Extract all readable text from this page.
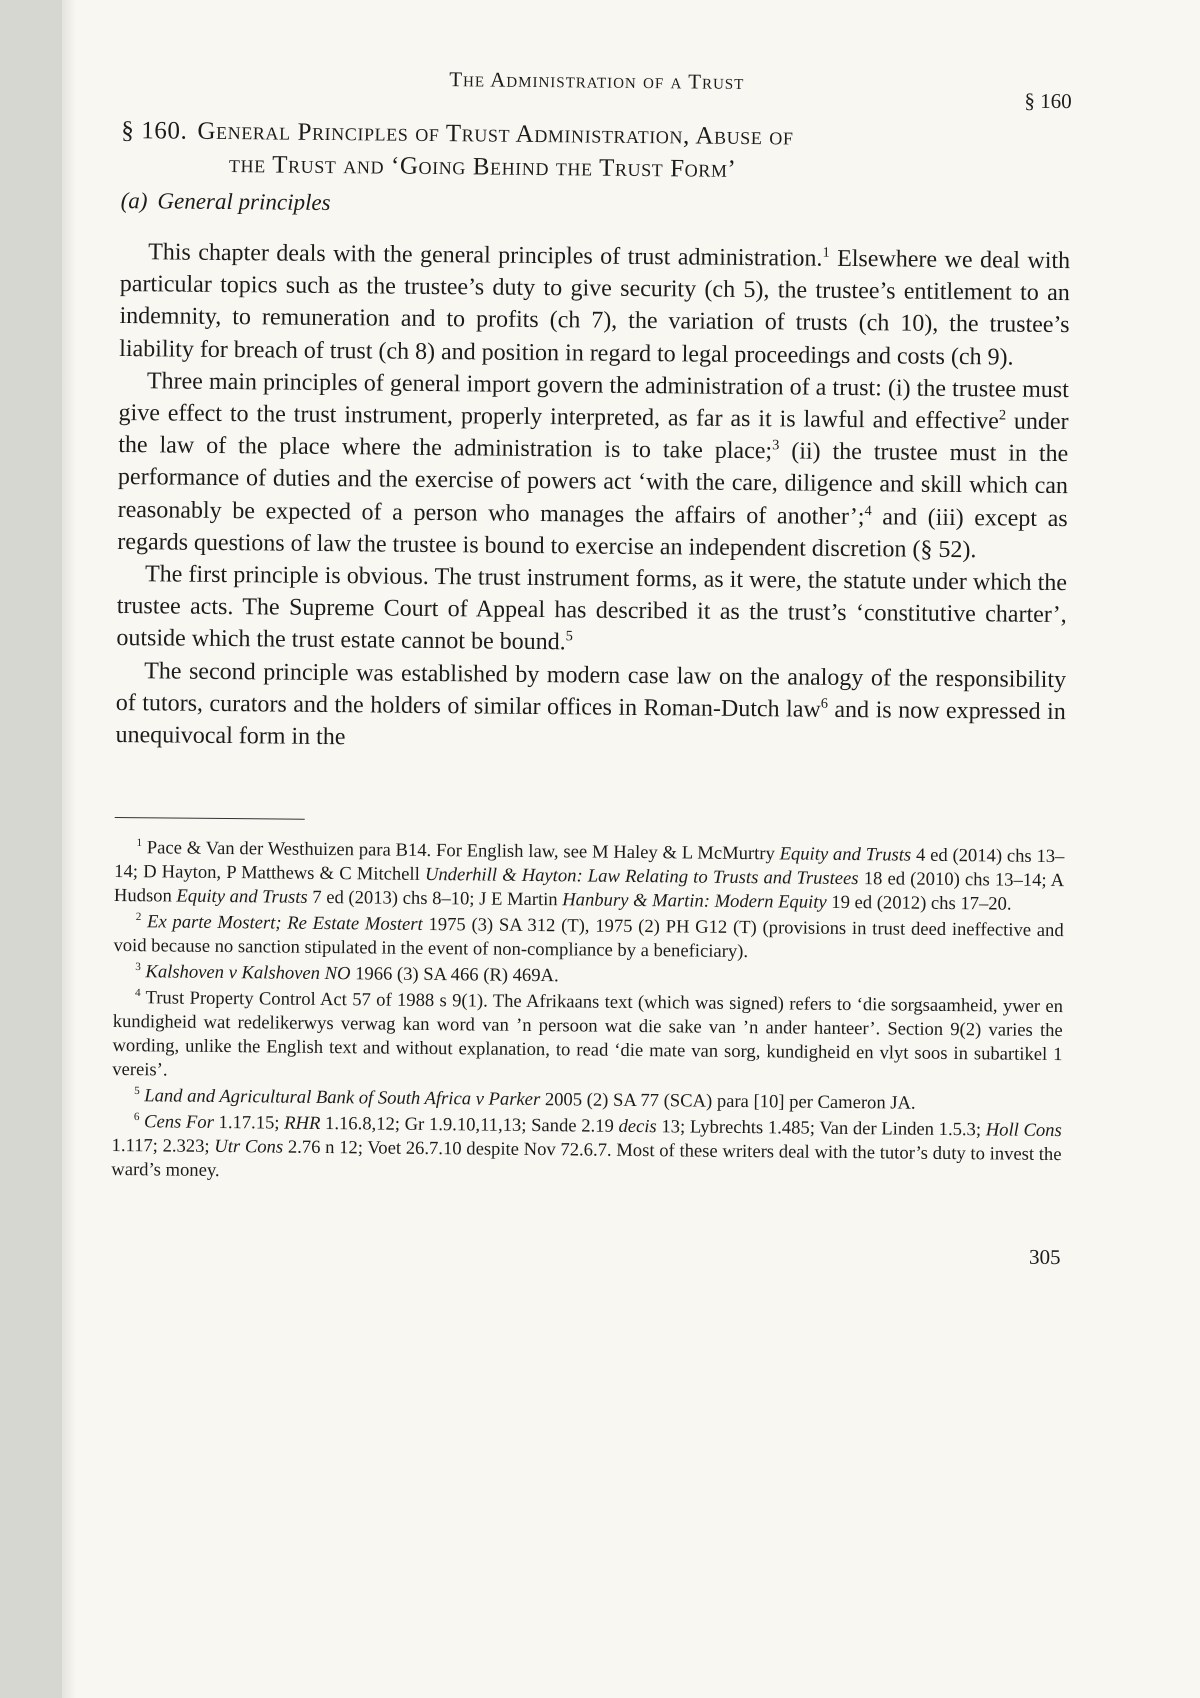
The Administration of a Trust
§ 160
§ 160. General Principles of Trust Administration, Abuse of
the Trust and ‘Going Behind the Trust Form’
(a) General principles

This chapter deals with the general principles of trust administration.$^1$ Elsewhere we deal with particular topics such as the trustee’s duty to give security (ch 5), the trustee’s entitlement to an indemnity, to remuneration and to profits (ch 7), the variation of trusts (ch 10), the trustee’s liability for breach of trust (ch 8) and position in regard to legal proceedings and costs (ch 9).

Three main principles of general import govern the administration of a trust: (i) the trustee must give effect to the trust instrument, properly interpreted, as far as it is lawful and effective$^2$ under the law of the place where the administration is to take place;$^3$ (ii) the trustee must in the performance of duties and the exercise of powers act ‘with the care, diligence and skill which can reasonably be expected of a person who manages the affairs of another’;$^4$ and (iii) except as regards questions of law the trustee is bound to exercise an independent discretion (§ 52).

The first principle is obvious. The trust instrument forms, as it were, the statute under which the trustee acts. The Supreme Court of Appeal has described it as the trust’s ‘constitutive charter’, outside which the trust estate cannot be bound.$^5$

The second principle was established by modern case law on the analogy of the responsibility of tutors, curators and the holders of similar offices in Roman-Dutch law$^6$ and is now expressed in unequivocal form in the

$^1$ Pace & Van der Westhuizen para B14. For English law, see M Haley & L McMurtry Equity and Trusts 4 ed (2014) chs 13–14; D Hayton, P Matthews & C Mitchell Underhill & Hayton: Law Relating to Trusts and Trustees 18 ed (2010) chs 13–14; A Hudson Equity and Trusts 7 ed (2013) chs 8–10; J E Martin Hanbury & Martin: Modern Equity 19 ed (2012) chs 17–20.

$^2$ Ex parte Mostert; Re Estate Mostert 1975 (3) SA 312 (T), 1975 (2) PH G12 (T) (provisions in trust deed ineffective and void because no sanction stipulated in the event of non-compliance by a beneficiary).

$^3$ Kalshoven v Kalshoven NO 1966 (3) SA 466 (R) 469A.

$^4$ Trust Property Control Act 57 of 1988 s 9(1). The Afrikaans text (which was signed) refers to ‘die sorgsaamheid, ywer en kundigheid wat redelikerwys verwag kan word van ’n persoon wat die sake van ’n ander hanteer’. Section 9(2) varies the wording, unlike the English text and without explanation, to read ‘die mate van sorg, kundigheid en vlyt soos in subartikel 1 vereis’.

$^5$ Land and Agricultural Bank of South Africa v Parker 2005 (2) SA 77 (SCA) para [10] per Cameron JA.

$^6$ Cens For 1.17.15; RHR 1.16.8,12; Gr 1.9.10,11,13; Sande 2.19 decis 13; Lybrechts 1.485; Van der Linden 1.5.3; Holl Cons 1.117; 2.323; Utr Cons 2.76 n 12; Voet 26.7.10 despite Nov 72.6.7. Most of these writers deal with the tutor’s duty to invest the ward’s money.

305
